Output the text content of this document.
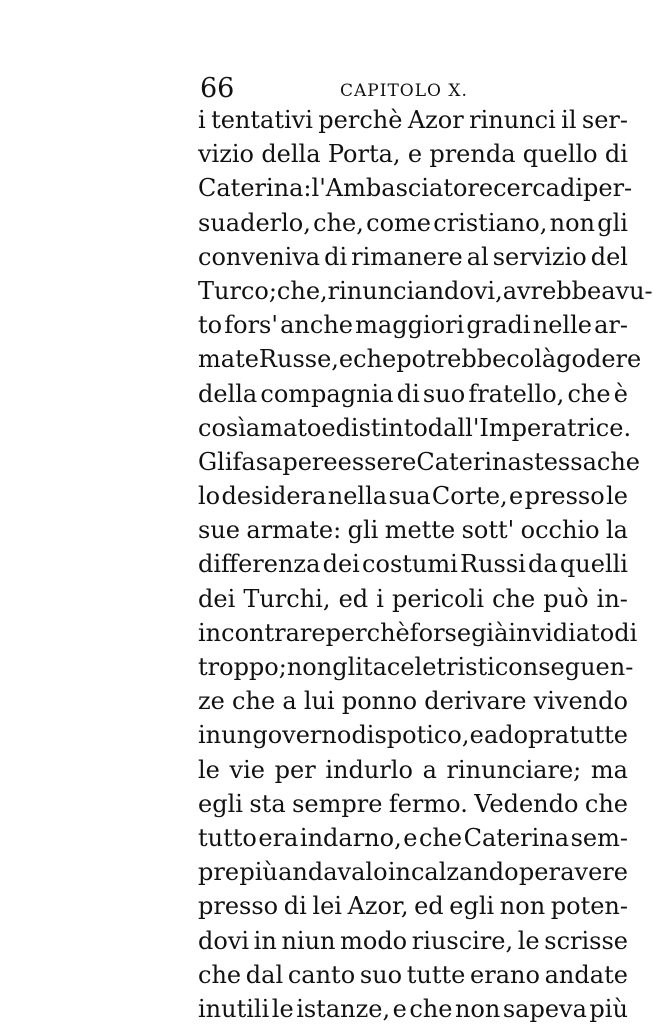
66	CAPITOLO X.
i tentativi perchè Azor rinunci il ser-
vizio della Porta, e prenda quello di
Caterina: l'Ambasciatore cerca di per-
suaderlo, che, come cristiano, non gli
conveniva di rimanere al servizio del
Turco; che, rinunciandovi, avrebbe avu-
to fors' anche maggiori gradi nelle ar-
mate Russe, e che potrebbe colà godere
della compagnia di suo fratello, che è
così amato e distinto dall' Imperatrice.
Gli fa sapere essere Caterina stessa che
lo desidera nella sua Corte, e presso le
sue armate: gli mette sott' occhio la
differenza dei costumi Russi da quelli
dei Turchi, ed i pericoli che può in-
incontrare perchè forse già invidiato di
troppo; non gli tace le tristi conseguen-
ze che a lui ponno derivare vivendo
in un governo dispotico, e adopra tutte
le vie per indurlo a rinunciare; ma
egli sta sempre fermo. Vedendo che
tutto era indarno, e che Caterina sem-
pre più andavalo incalzando per avere
presso di lei Azor, ed egli non poten-
dovi in niun modo riuscire, le scrisse
che dal canto suo tutte erano andate
inutili le istanze, e che non sapeva più
